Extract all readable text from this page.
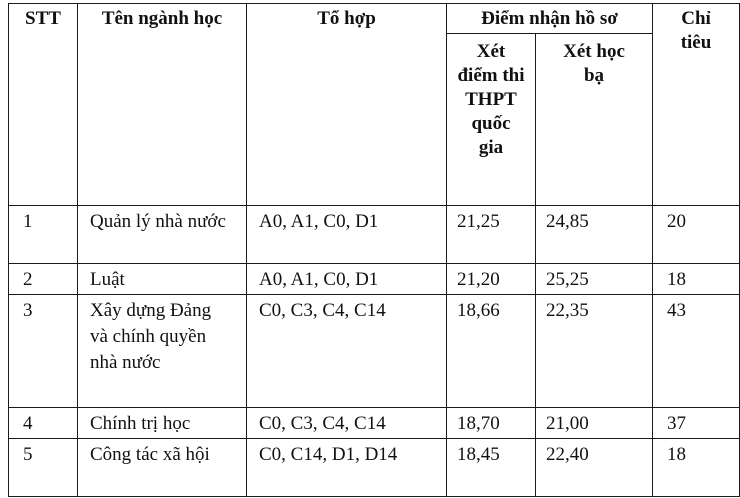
STT	Tên ngành học	Tổ hợp	Điểm nhận hồ sơ		Chỉ tiêu
			Xét điểm thi THPT quốc gia	Xét học bạ	
1	Quản lý nhà nước	A0, A1, C0, D1	21,25	24,85	20
2	Luật	A0, A1, C0, D1	21,20	25,25	18
3	Xây dựng Đảng và chính quyền nhà nước	C0, C3, C4, C14	18,66	22,35	43
4	Chính trị học	C0, C3, C4, C14	18,70	21,00	37
5	Công tác xã hội	C0, C14, D1, D14	18,45	22,40	18
